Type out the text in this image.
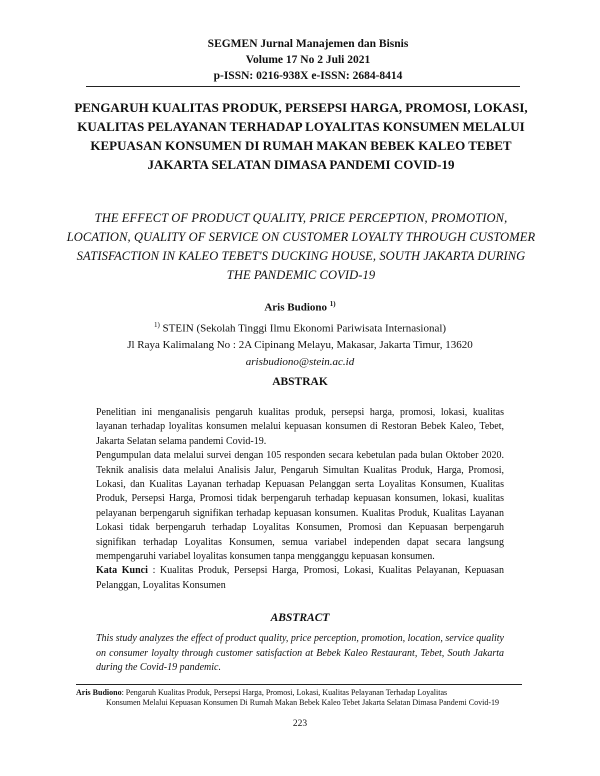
SEGMEN Jurnal Manajemen dan Bisnis
Volume 17 No 2 Juli 2021
p-ISSN: 0216-938X e-ISSN: 2684-8414
PENGARUH KUALITAS PRODUK, PERSEPSI HARGA, PROMOSI, LOKASI, KUALITAS PELAYANAN TERHADAP LOYALITAS KONSUMEN MELALUI KEPUASAN KONSUMEN DI RUMAH MAKAN BEBEK KALEO TEBET JAKARTA SELATAN DIMASA PANDEMI COVID-19
THE EFFECT OF PRODUCT QUALITY, PRICE PERCEPTION, PROMOTION, LOCATION, QUALITY OF SERVICE ON CUSTOMER LOYALTY THROUGH CUSTOMER SATISFACTION IN KALEO TEBET'S DUCKING HOUSE, SOUTH JAKARTA DURING THE PANDEMIC COVID-19
Aris Budiono $^{1)}$
$^{1)}$ STEIN (Sekolah Tinggi Ilmu Ekonomi Pariwisata Internasional)
Jl Raya Kalimalang No : 2A Cipinang Melayu, Makasar, Jakarta Timur, 13620
arisbudiono@stein.ac.id
ABSTRAK

Penelitian ini menganalisis pengaruh kualitas produk, persepsi harga, promosi, lokasi, kualitas layanan terhadap loyalitas konsumen melalui kepuasan konsumen di Restoran Bebek Kaleo, Tebet, Jakarta Selatan selama pandemi Covid-19.

Pengumpulan data melalui survei dengan 105 responden secara kebetulan pada bulan Oktober 2020. Teknik analisis data melalui Analisis Jalur, Pengaruh Simultan Kualitas Produk, Harga, Promosi, Lokasi, dan Kualitas Layanan terhadap Kepuasan Pelanggan serta Loyalitas Konsumen, Kualitas Produk, Persepsi Harga, Promosi tidak berpengaruh terhadap kepuasan konsumen, lokasi, kualitas pelayanan berpengaruh signifikan terhadap kepuasan konsumen. Kualitas Produk, Kualitas Layanan Lokasi tidak berpengaruh terhadap Loyalitas Konsumen, Promosi dan Kepuasan berpengaruh signifikan terhadap Loyalitas Konsumen, semua variabel independen dapat secara langsung mempengaruhi variabel loyalitas konsumen tanpa mengganggu kepuasan konsumen.

Kata Kunci : Kualitas Produk, Persepsi Harga, Promosi, Lokasi, Kualitas Pelayanan, Kepuasan Pelanggan, Loyalitas Konsumen

ABSTRACT

This study analyzes the effect of product quality, price perception, promotion, location, service quality on consumer loyalty through customer satisfaction at Bebek Kaleo Restaurant, Tebet, South Jakarta during the Covid-19 pandemic.

Aris Budiono: Pengaruh Kualitas Produk, Persepsi Harga, Promosi, Lokasi, Kualitas Pelayanan Terhadap Loyalitas
Konsumen Melalui Kepuasan Konsumen Di Rumah Makan Bebek Kaleo Tebet Jakarta Selatan Dimasa Pandemi Covid-19
223
